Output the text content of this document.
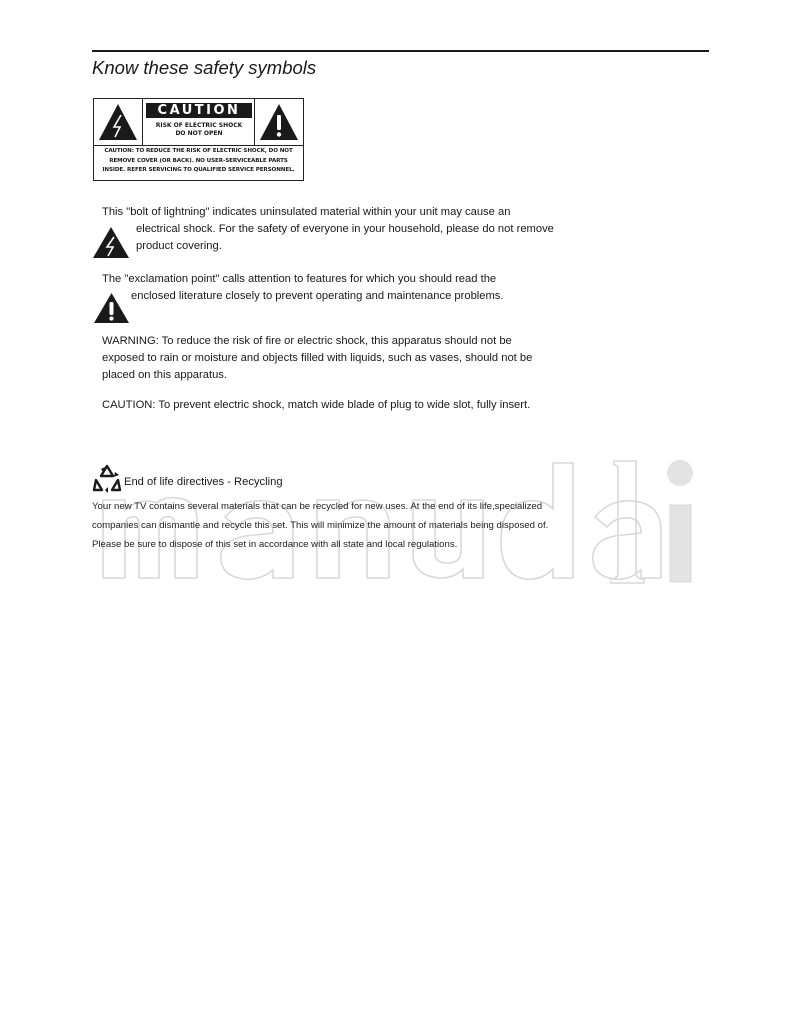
Know these safety symbols
CAUTION
RISK OF ELECTRIC SHOCK
DO NOT OPEN
CAUTION: TO REDUCE THE RISK OF ELECTRIC SHOCK, DO NOT
REMOVE COVER (OR BACK). NO USER-SERVICEABLE PARTS
INSIDE. REFER SERVICING TO QUALIFIED SERVICE PERSONNEL.
This "bolt of lightning" indicates uninsulated material within your unit may cause an
electrical shock. For the safety of everyone in your household, please do not remove
product covering.
The "exclamation point" calls attention to features for which you should read the
enclosed literature closely to prevent operating and maintenance problems.
WARNING: To reduce the risk of fire or electric shock, this apparatus should not be
exposed to rain or moisture and objects filled with liquids, such as vases, should not be
placed on this apparatus.
CAUTION: To prevent electric shock, match wide blade of plug to wide slot, fully insert.
End of life directives - Recycling
Your new TV contains several materials that can be recycled for new uses. At the end of its life,specialized
companies can dismantle and recycle this set. This will minimize the amount of materials being disposed of.
Please be sure to dispose of this set in accordance with all state and local regulations.
